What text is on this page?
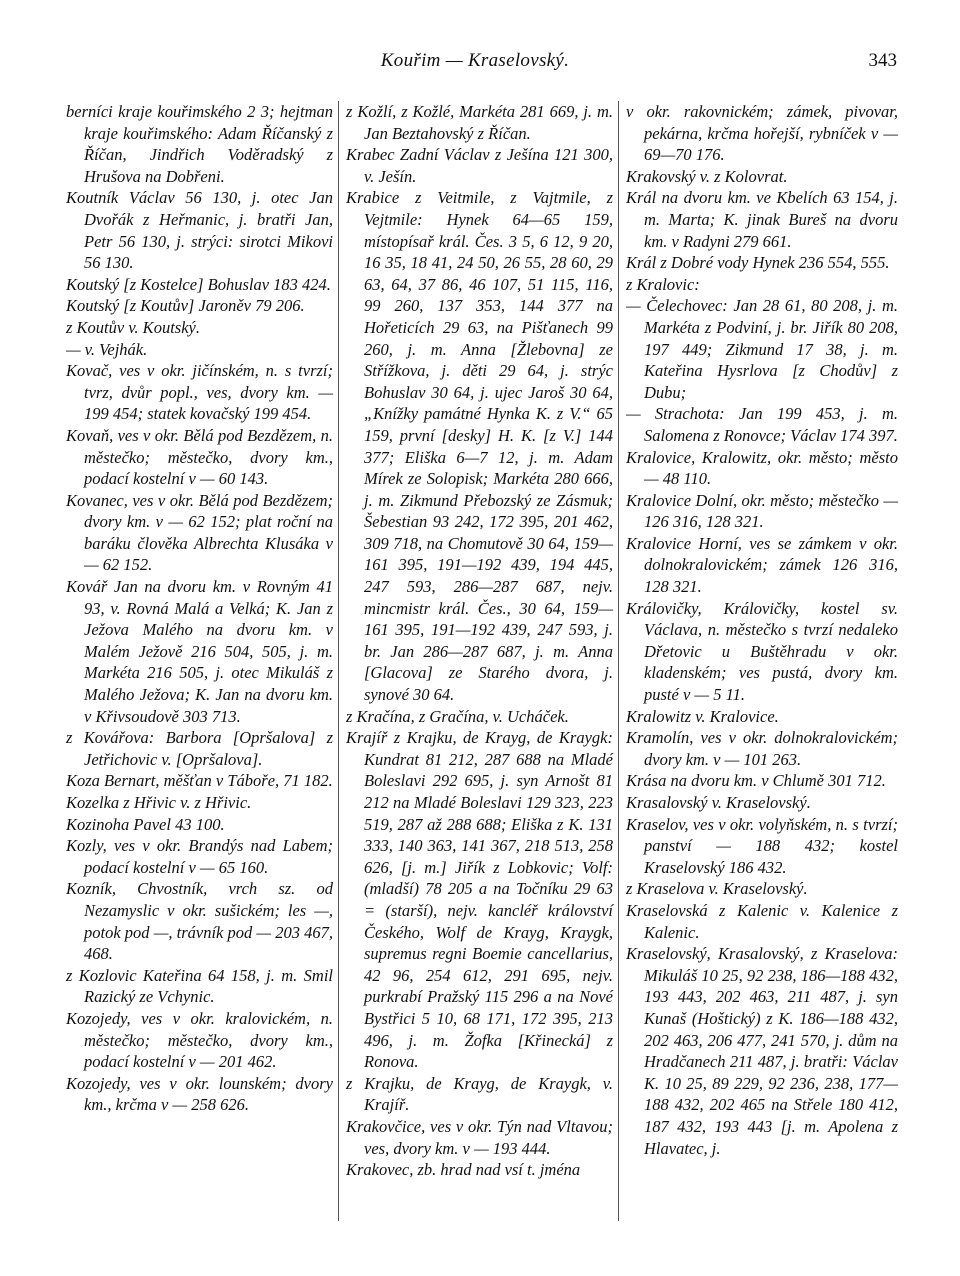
Kouřim — Kraselovský.	343

berníci kraje kouřimského 2 3; hejtman kraje kouřimského: Adam Říčanský z Říčan, Jindřich Voděradský z Hrušova na Dobřeni.

Koutník Václav 56 130, j. otec Jan Dvořák z Heřmanic, j. bratři Jan, Petr 56 130, j. strýci: sirotci Mikovi 56 130.

Koutský [z Kostelce] Bohuslav 183 424.

Koutský [z Koutův] Jaroněv 79 206.

z Koutův v. Koutský.

— v. Vejhák.

Kovač, ves v okr. jičínském, n. s tvrzí; tvrz, dvůr popl., ves, dvory km. — 199 454; statek kovačský 199 454.

Kovaň, ves v okr. Bělá pod Bezdězem, n. městečko; městečko, dvory km., podací kostelní v — 60 143.

Kovanec, ves v okr. Bělá pod Bezdězem; dvory km. v — 62 152; plat roční na baráku člověka Albrechta Klusáka v — 62 152.

Kovář Jan na dvoru km. v Rovným 41 93, v. Rovná Malá a Velká; K. Jan z Ježova Malého na dvoru km. v Malém Ježově 216 504, 505, j. m. Markéta 216 505, j. otec Mikuláš z Malého Ježova; K. Jan na dvoru km. v Křivsoudově 303 713.

z Kovářova: Barbora [Opršalova] z Jetřichovic v. [Opršalova].

Koza Bernart, měšťan v Táboře, 71 182.

Kozelka z Hřivic v. z Hřivic.

Kozinoha Pavel 43 100.

Kozly, ves v okr. Brandýs nad Labem; podací kostelní v — 65 160.

Kozník, Chvostník, vrch sz. od Nezamyslic v okr. sušickém; les —, potok pod —, trávník pod — 203 467, 468.

z Kozlovic Kateřina 64 158, j. m. Smil Razický ze Vchynic.

Kozojedy, ves v okr. kralovickém, n. městečko; městečko, dvory km., podací kostelní v — 201 462.

Kozojedy, ves v okr. lounském; dvory km., krčma v — 258 626.

z Kožlí, z Kožlé, Markéta 281 669, j. m. Jan Beztahovský z Říčan.

Krabec Zadní Václav z Ješína 121 300, v. Ješín.

Krabice z Veitmile, z Vajtmile, z Vejtmile: Hynek 64—65 159, místopísař král. Čes. 3 5, 6 12, 9 20, 16 35, 18 41, 24 50, 26 55, 28 60, 29 63, 64, 37 86, 46 107, 51 115, 116, 99 260, 137 353, 144 377 na Hořeticích 29 63, na Pišťanech 99 260, j. m. Anna [Žlebovna] ze Střížkova, j. děti 29 64, j. strýc Bohuslav 30 64, j. ujec Jaroš 30 64, „Knížky památné Hynka K. z V.“ 65 159, první [desky] H. K. [z V.] 144 377; Eliška 6—7 12, j. m. Adam Mírek ze Solopisk; Markéta 280 666, j. m. Zikmund Přebozský ze Zásmuk; Šebestian 93 242, 172 395, 201 462, 309 718, na Chomutově 30 64, 159—161 395, 191—192 439, 194 445, 247 593, 286—287 687, nejv. mincmistr král. Čes., 30 64, 159—161 395, 191—192 439, 247 593, j. br. Jan 286—287 687, j. m. Anna [Glacova] ze Starého dvora, j. synové 30 64.

z Kračína, z Gračína, v. Ucháček.

Krajíř z Krajku, de Krayg, de Kraygk: Kundrat 81 212, 287 688 na Mladé Boleslavi 292 695, j. syn Arnošt 81 212 na Mladé Boleslavi 129 323, 223 519, 287 až 288 688; Eliška z K. 131 333, 140 363, 141 367, 218 513, 258 626, [j. m.] Jiřík z Lobkovic; Volf: (mladší) 78 205 a na Točníku 29 63 = (starší), nejv. kancléř království Českého, Wolf de Krayg, Kraygk, supremus regni Boemie cancellarius, 42 96, 254 612, 291 695, nejv. purkrabí Pražský 115 296 a na Nové Bystřici 5 10, 68 171, 172 395, 213 496, j. m. Žofka [Křinecká] z Ronova.

z Krajku, de Krayg, de Kraygk, v. Krajíř.

Krakovčice, ves v okr. Týn nad Vltavou; ves, dvory km. v — 193 444.

Krakovec, zb. hrad nad vsí t. jména

v okr. rakovnickém; zámek, pivovar, pekárna, krčma hořejší, rybníček v — 69—70 176.

Krakovský v. z Kolovrat.

Král na dvoru km. ve Kbelích 63 154, j. m. Marta; K. jinak Bureš na dvoru km. v Radyni 279 661.

Král z Dobré vody Hynek 236 554, 555.

z Kralovic:

— Čelechovec: Jan 28 61, 80 208, j. m. Markéta z Podviní, j. br. Jiřík 80 208, 197 449; Zikmund 17 38, j. m. Kateřina Hysrlova [z Chodův] z Dubu;

— Strachota: Jan 199 453, j. m. Salomena z Ronovce; Václav 174 397.

Kralovice, Kralowitz, okr. město; město — 48 110.

Kralovice Dolní, okr. město; městečko — 126 316, 128 321.

Kralovice Horní, ves se zámkem v okr. dolnokralovickém; zámek 126 316, 128 321.

Královičky, Královičky, kostel sv. Václava, n. městečko s tvrzí nedaleko Dřetovic u Buštěhradu v okr. kladenském; ves pustá, dvory km. pusté v — 5 11.

Kralowitz v. Kralovice.

Kramolín, ves v okr. dolnokralovickém; dvory km. v — 101 263.

Krása na dvoru km. v Chlumě 301 712.

Krasalovský v. Kraselovský.

Kraselov, ves v okr. volyňském, n. s tvrzí; panství — 188 432; kostel Kraselovský 186 432.

z Kraselova v. Kraselovský.

Kraselovská z Kalenic v. Kalenice z Kalenic.

Kraselovský, Krasalovský, z Kraselova: Mikuláš 10 25, 92 238, 186—188 432, 193 443, 202 463, 211 487, j. syn Kunaš (Hoštický) z K. 186—188 432, 202 463, 206 477, 241 570, j. dům na Hradčanech 211 487, j. bratři: Václav K. 10 25, 89 229, 92 236, 238, 177—188 432, 202 465 na Střele 180 412, 187 432, 193 443 [j. m. Apolena z Hlavatec, j.
